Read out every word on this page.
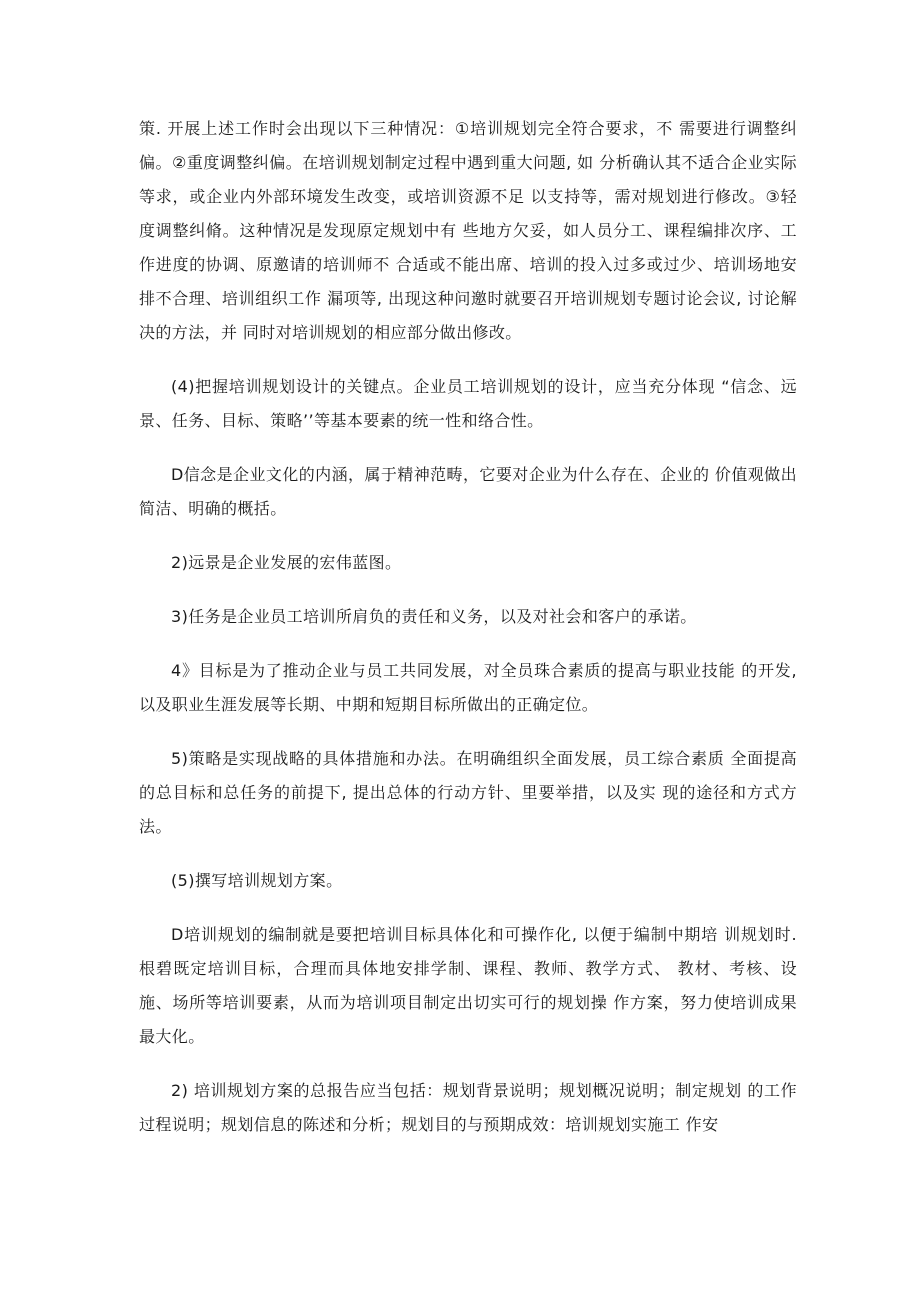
策. 开展上述工作时会出现以下三种情况：①培训规划完全符合要求，不 需要进行调整纠偏。②重度调整纠偏。在培训规划制定过程中遇到重大问题, 如 分析确认其不适合企业实际等求，或企业内外部环境发生改变，或培训资源不足 以支持等，需对规划进行修改。③轻度调整纠脩。这种情况是发现原定规划中有 些地方欠妥，如人员分工、课程编排次序、工作进度的协调、原邀请的培训师不 合适或不能出席、培训的投入过多或过少、培训场地安排不合理、培训组织工作 漏项等, 出现这种问邀时就要召开培训规划专题讨论会议, 讨论解决的方法，并 同时对培训规划的相应部分做出修改。

(4)把握培训规划设计的关键点。企业员工培训规划的设计，应当充分体现 “信念、远景、任务、目标、策略’’等基本要素的统一性和络合性。

D信念是企业文化的内涵，属于精神范畴，它要对企业为什么存在、企业的 价值观做出简洁、明确的概括。

2)远景是企业发展的宏伟蓝图。

3)任务是企业员工培训所肩负的责任和义务，以及对社会和客户的承诺。

4》目标是为了推动企业与员工共同发展，对全员珠合素质的提高与职业技能 的开发, 以及职业生涯发展等长期、中期和短期目标所做出的正确定位。

5)策略是实现战略的具体措施和办法。在明确组织全面发展，员工综合素质 全面提高的总目标和总任务的前提下, 提出总体的行动方针、里要举措，以及实 现的途径和方式方法。

(5)撰写培训规划方案。

D培训规划的编制就是要把培训目标具体化和可操作化, 以便于编制中期培 训规划时. 根碧既定培训目标，合理而具体地安排学制、课程、教师、教学方式、 教材、考核、设施、场所等培训要素，从而为培训项目制定出切实可行的规划操 作方案，努力使培训成果最大化。

2) 培训规划方案的总报告应当包括：规划背景说明；规划概况说明；制定规划 的工作过程说明；规划信息的陈述和分析；规划目的与预期成效：培训规划实施工 作安
